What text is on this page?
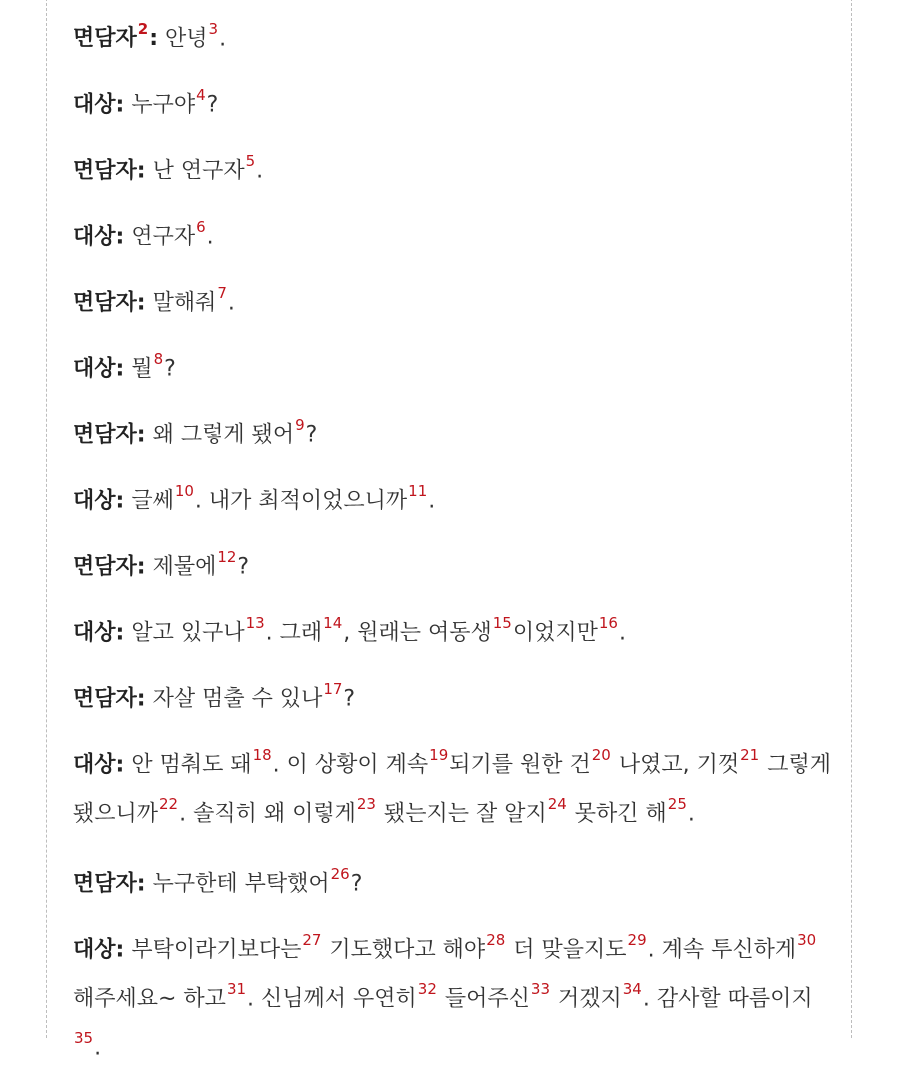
면담자$^2$: 안녕$^3$.

대상: 누구야$^4$?

면담자: 난 연구자$^5$.

대상: 연구자$^6$.

면담자: 말해줘$^7$.

대상: 뭘$^8$?

면담자: 왜 그렇게 됐어$^9$?

대상: 글쎄$^{10}$. 내가 최적이었으니까$^{11}$.

면담자: 제물에$^{12}$?

대상: 알고 있구나$^{13}$. 그래$^{14}$, 원래는 여동생$^{15}$이었지만$^{16}$.

면담자: 자살 멈출 수 있나$^{17}$?

대상: 안 멈춰도 돼$^{18}$. 이 상황이 계속$^{19}$되기를 원한 건$^{20}$ 나였고, 기껏$^{21}$ 그렇게 됐으니까$^{22}$. 솔직히 왜 이렇게$^{23}$ 됐는지는 잘 알지$^{24}$ 못하긴 해$^{25}$.

면담자: 누구한테 부탁했어$^{26}$?

대상: 부탁이라기보다는$^{27}$ 기도했다고 해야$^{28}$ 더 맞을지도$^{29}$. 계속 투신하게$^{30}$ 해주세요~ 하고$^{31}$. 신님께서 우연히$^{32}$ 들어주신$^{33}$ 거겠지$^{34}$. 감사할 따름이지$^{35}$.
